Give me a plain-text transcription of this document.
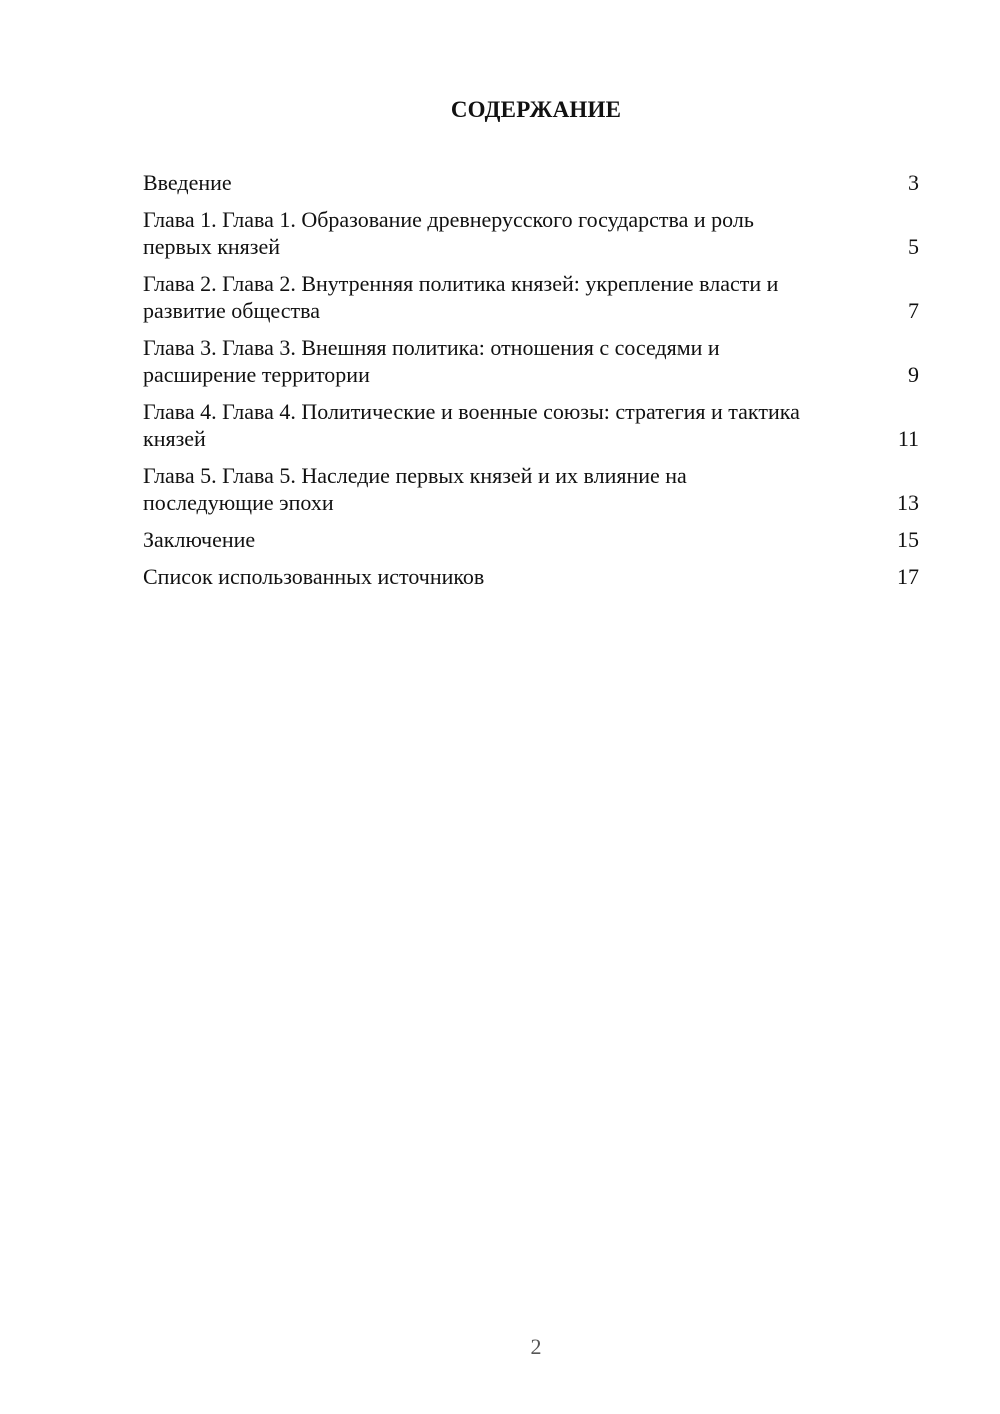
СОДЕРЖАНИЕ
Введение	3
Глава 1. Глава 1. Образование древнерусского государства и роль первых князей	5
Глава 2. Глава 2. Внутренняя политика князей: укрепление власти и развитие общества	7
Глава 3. Глава 3. Внешняя политика: отношения с соседями и расширение территории	9
Глава 4. Глава 4. Политические и военные союзы: стратегия и тактика князей	11
Глава 5. Глава 5. Наследие первых князей и их влияние на последующие эпохи	13
Заключение	15
Список использованных источников	17
2
